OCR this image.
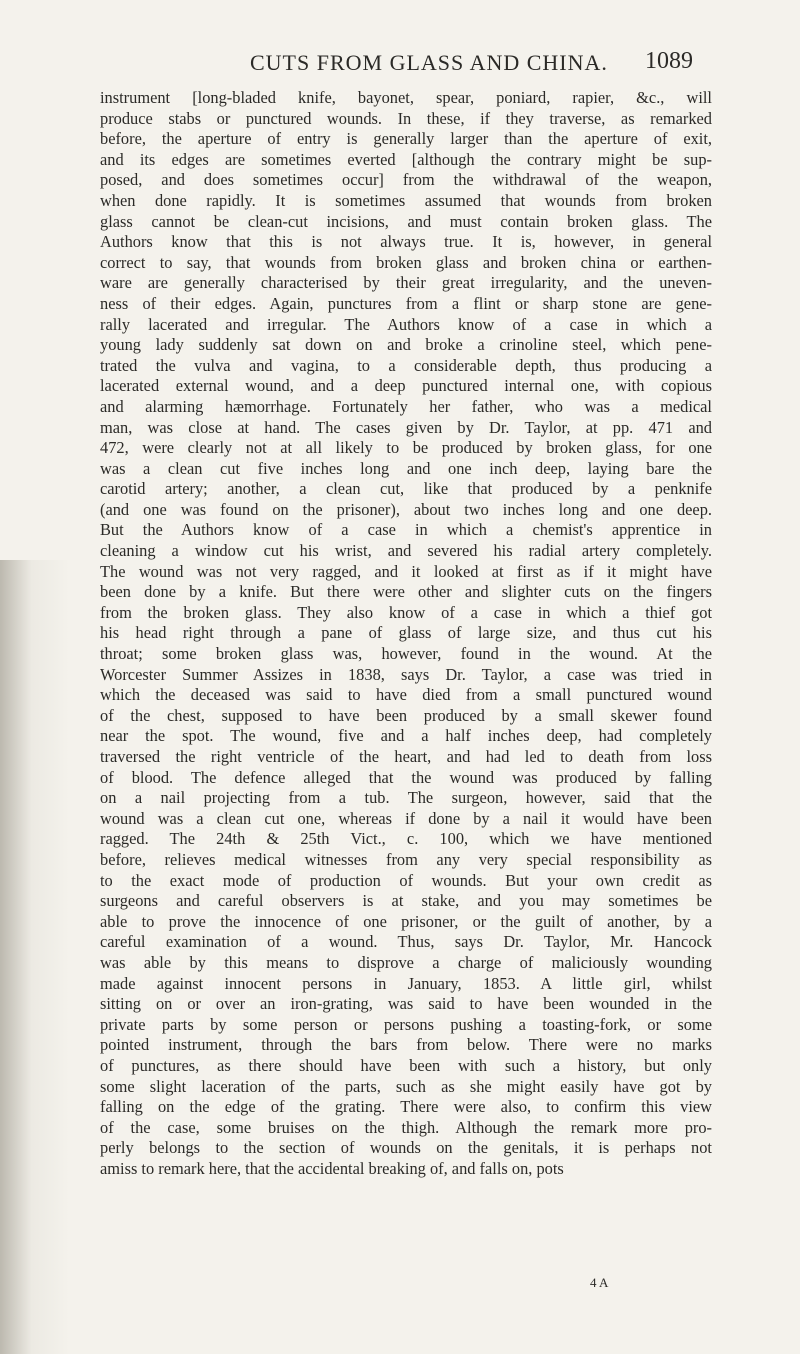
CUTS FROM GLASS AND CHINA.	1089
instrument [long-bladed knife, bayonet, spear, poniard, rapier, &c., will
produce stabs or punctured wounds. In these, if they traverse, as remarked
before, the aperture of entry is generally larger than the aperture of exit,
and its edges are sometimes everted [although the contrary might be sup-
posed, and does sometimes occur] from the withdrawal of the weapon,
when done rapidly. It is sometimes assumed that wounds from broken
glass cannot be clean-cut incisions, and must contain broken glass. The
Authors know that this is not always true. It is, however, in general
correct to say, that wounds from broken glass and broken china or earthen-
ware are generally characterised by their great irregularity, and the uneven-
ness of their edges. Again, punctures from a flint or sharp stone are gene-
rally lacerated and irregular. The Authors know of a case in which a
young lady suddenly sat down on and broke a crinoline steel, which pene-
trated the vulva and vagina, to a considerable depth, thus producing a
lacerated external wound, and a deep punctured internal one, with copious
and alarming hæmorrhage. Fortunately her father, who was a medical
man, was close at hand. The cases given by Dr. Taylor, at pp. 471 and
472, were clearly not at all likely to be produced by broken glass, for one
was a clean cut five inches long and one inch deep, laying bare the
carotid artery; another, a clean cut, like that produced by a penknife
(and one was found on the prisoner), about two inches long and one deep.
But the Authors know of a case in which a chemist's apprentice in
cleaning a window cut his wrist, and severed his radial artery completely.
The wound was not very ragged, and it looked at first as if it might have
been done by a knife. But there were other and slighter cuts on the fingers
from the broken glass. They also know of a case in which a thief got
his head right through a pane of glass of large size, and thus cut his
throat; some broken glass was, however, found in the wound. At the
Worcester Summer Assizes in 1838, says Dr. Taylor, a case was tried in
which the deceased was said to have died from a small punctured wound
of the chest, supposed to have been produced by a small skewer found
near the spot. The wound, five and a half inches deep, had completely
traversed the right ventricle of the heart, and had led to death from loss
of blood. The defence alleged that the wound was produced by falling
on a nail projecting from a tub. The surgeon, however, said that the
wound was a clean cut one, whereas if done by a nail it would have been
ragged. The 24th & 25th Vict., c. 100, which we have mentioned
before, relieves medical witnesses from any very special responsibility as
to the exact mode of production of wounds. But your own credit as
surgeons and careful observers is at stake, and you may sometimes be
able to prove the innocence of one prisoner, or the guilt of another, by a
careful examination of a wound. Thus, says Dr. Taylor, Mr. Hancock
was able by this means to disprove a charge of maliciously wounding
made against innocent persons in January, 1853. A little girl, whilst
sitting on or over an iron-grating, was said to have been wounded in the
private parts by some person or persons pushing a toasting-fork, or some
pointed instrument, through the bars from below. There were no marks
of punctures, as there should have been with such a history, but only
some slight laceration of the parts, such as she might easily have got by
falling on the edge of the grating. There were also, to confirm this view
of the case, some bruises on the thigh. Although the remark more pro-
perly belongs to the section of wounds on the genitals, it is perhaps not
amiss to remark here, that the accidental breaking of, and falls on, pots
4 A
